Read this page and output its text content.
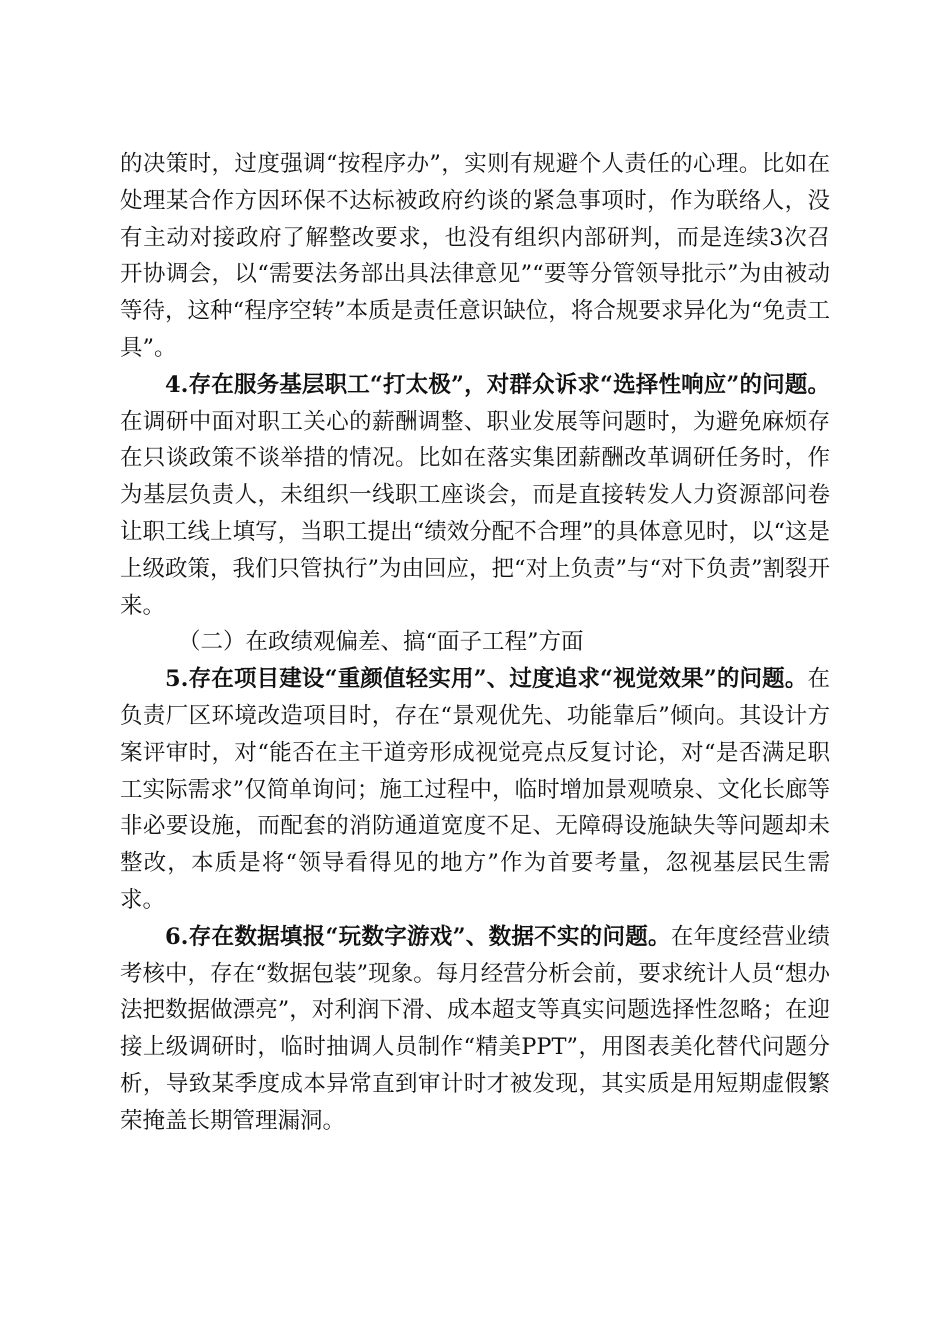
的决策时，过度强调“按程序办”，实则有规避个人责任的心理。比如在处理某合作方因环保不达标被政府约谈的紧急事项时，作为联络人，没有主动对接政府了解整改要求，也没有组织内部研判，而是连续3次召开协调会，以“需要法务部出具法律意见”“要等分管领导批示”为由被动等待，这种“程序空转”本质是责任意识缺位，将合规要求异化为“免责工具”。

4.存在服务基层职工“打太极”，对群众诉求“选择性响应”的问题。在调研中面对职工关心的薪酬调整、职业发展等问题时，为避免麻烦存在只谈政策不谈举措的情况。比如在落实集团薪酬改革调研任务时，作为基层负责人，未组织一线职工座谈会，而是直接转发人力资源部问卷让职工线上填写，当职工提出“绩效分配不合理”的具体意见时，以“这是上级政策，我们只管执行”为由回应，把“对上负责”与“对下负责”割裂开来。

（二）在政绩观偏差、搞“面子工程”方面

5.存在项目建设“重颜值轻实用”、过度追求“视觉效果”的问题。在负责厂区环境改造项目时，存在“景观优先、功能靠后”倾向。其设计方案评审时，对“能否在主干道旁形成视觉亮点反复讨论，对“是否满足职工实际需求”仅简单询问；施工过程中，临时增加景观喷泉、文化长廊等非必要设施，而配套的消防通道宽度不足、无障碍设施缺失等问题却未整改，本质是将“领导看得见的地方”作为首要考量，忽视基层民生需求。

6.存在数据填报“玩数字游戏”、数据不实的问题。在年度经营业绩考核中，存在“数据包装”现象。每月经营分析会前，要求统计人员“想办法把数据做漂亮”，对利润下滑、成本超支等真实问题选择性忽略；在迎接上级调研时，临时抽调人员制作“精美PPT”，用图表美化替代问题分析，导致某季度成本异常直到审计时才被发现，其实质是用短期虚假繁荣掩盖长期管理漏洞。
